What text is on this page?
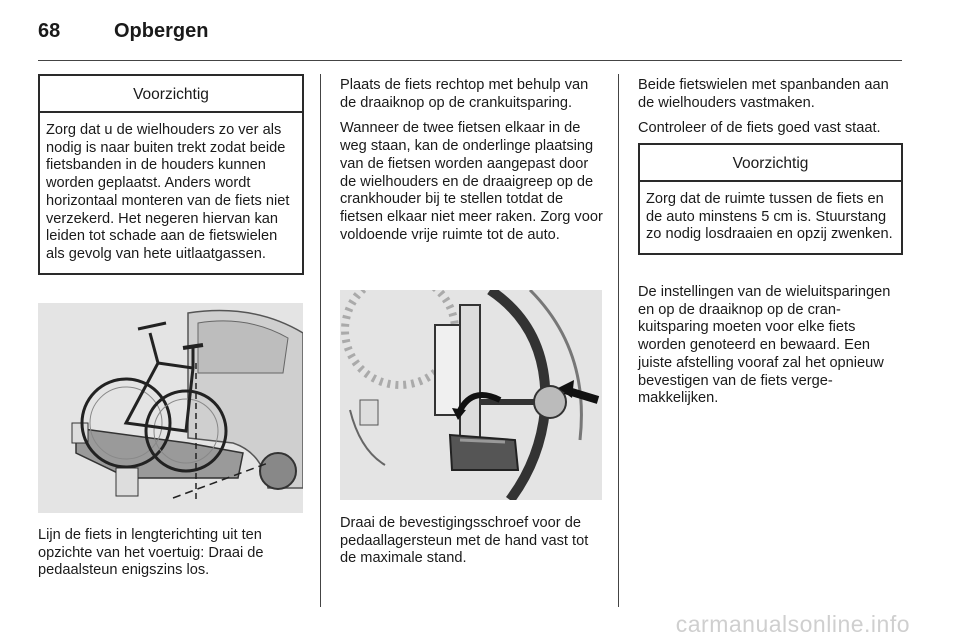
68	Opbergen
Voorzichtig
Zorg dat u de wielhouders zo ver als nodig is naar buiten trekt zodat beide fietsbanden in de houders kunnen worden geplaatst. Anders wordt horizontaal monteren van de fiets niet verzekerd. Het negeren hiervan kan leiden tot schade aan de fietswielen als gevolg van hete uitlaatgassen.
Lijn de fiets in lengterichting uit ten opzichte van het voertuig: Draai de pedaalsteun enigszins los.

Plaats de fiets rechtop met behulp van de draaiknop op de crankuitsparing.

Wanneer de twee fietsen elkaar in de weg staan, kan de onderlinge plaatsing van de fietsen worden aangepast door de wielhouders en de draaigreep op de crankhouder bij te stellen totdat de fietsen elkaar niet meer raken. Zorg voor voldoende vrije ruimte tot de auto.

Draai de bevestigingsschroef voor de pedaallagersteun met de hand vast tot de maximale stand.

Beide fietswielen met spanbanden aan de wielhouders vastmaken.

Controleer of de fiets goed vast staat.

Voorzichtig
Zorg dat de ruimte tussen de fiets en de auto minstens 5 cm is. Stuurstang zo nodig losdraaien en opzij zwenken.
De instellingen van de wieluitsparingen en op de draaiknop op de crankuitsparing moeten voor elke fiets worden genoteerd en bewaard. Een juiste afstelling vooraf zal het opnieuw bevestigen van de fiets vergemakkelijken.
carmanualsonline.info
